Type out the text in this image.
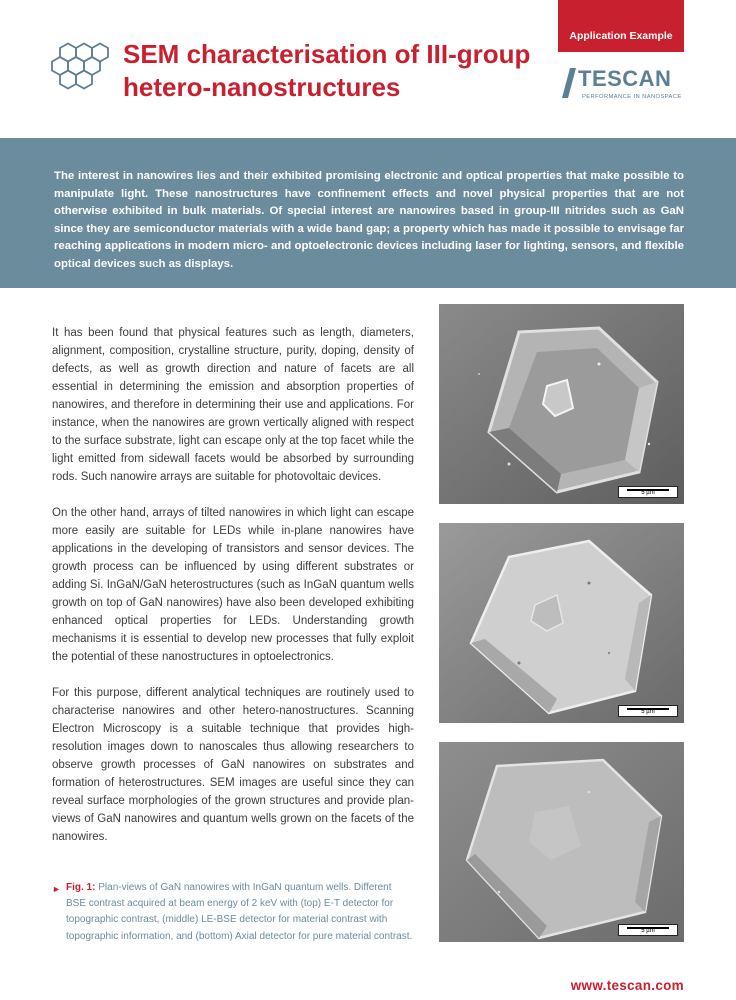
Application Example
SEM characterisation of III-group
hetero-nanostructures	TESCAN
PERFORMANCE IN NANOSPACE

The interest in nanowires lies and their exhibited promising electronic and optical properties that make possible to manipulate light. These nanostructures have confinement effects and novel physical properties that are not otherwise exhibited in bulk materials. Of special interest are nanowires based in group-III nitrides such as GaN since they are semiconductor materials with a wide band gap; a property which has made it possible to envisage far reaching applications in modern micro- and optoelectronic devices including laser for lighting, sensors, and flexible optical devices such as displays.

It has been found that physical features such as length, diameters, alignment, composition, crystalline structure, purity, doping, density of defects, as well as growth direction and nature of facets are all essential in determining the emission and absorption properties of nanowires, and therefore in determining their use and applications. For instance, when the nanowires are grown vertically aligned with respect to the surface substrate, light can escape only at the top facet while the light emitted from sidewall facets would be absorbed by surrounding rods. Such nanowire arrays are suitable for photovoltaic devices.

On the other hand, arrays of tilted nanowires in which light can escape more easily are suitable for LEDs while in-plane nanowires have applications in the developing of transistors and sensor devices. The growth process can be influenced by using different substrates or adding Si. InGaN/GaN heterostructures (such as InGaN quantum wells growth on top of GaN nanowires) have also been developed exhibiting enhanced optical properties for LEDs. Understanding growth mechanisms it is essential to develop new processes that fully exploit the potential of these nanostructures in optoelectronics.

For this purpose, different analytical techniques are routinely used to characterise nanowires and other hetero-nanostructures. Scanning Electron Microscopy is a suitable technique that provides high-resolution images down to nanoscales thus allowing researchers to observe growth processes of GaN nanowires on substrates and formation of heterostructures. SEM images are useful since they can reveal surface morphologies of the grown structures and provide plan-views of GaN nanowires and quantum wells grown on the facets of the nanowires.

► Fig. 1: Plan-views of GaN nanowires with InGaN quantum wells. Different BSE contrast acquired at beam energy of 2 keV with (top) E-T detector for topographic contrast, (middle) LE-BSE detector for material contrast with topographic information, and (bottom) Axial detector for pure material contrast.
5 µm
5 µm
5 µm
www.tescan.com
